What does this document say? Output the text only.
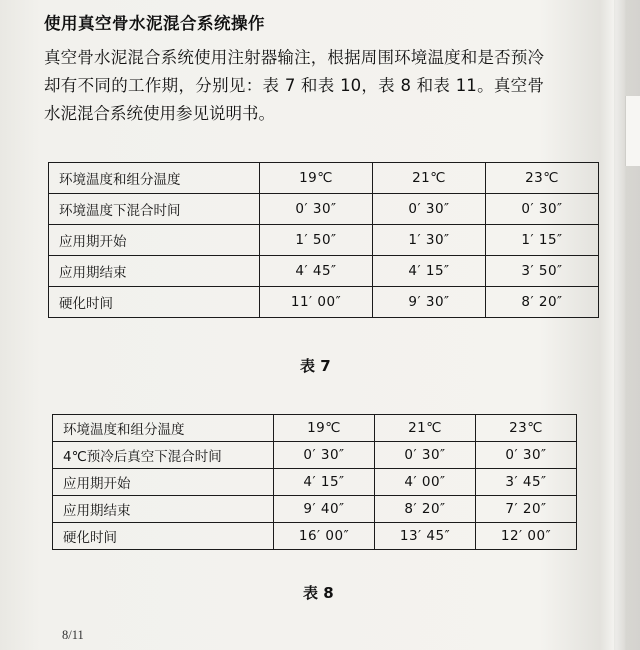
使用真空骨水泥混合系统操作
真空骨水泥混合系统使用注射器输注，根据周围环境温度和是否预冷却有不同的工作期，分别见：表 7 和表 10，表 8 和表 11。真空骨水泥混合系统使用参见说明书。
环境温度和组分温度	19℃	21℃	23℃
环境温度下混合时间	0′ 30″	0′ 30″	0′ 30″
应用期开始	1′ 50″	1′ 30″	1′ 15″
应用期结束	4′ 45″	4′ 15″	3′ 50″
硬化时间	11′ 00″	9′ 30″	8′ 20″
表 7
环境温度和组分温度	19℃	21℃	23℃
4℃预冷后真空下混合时间	0′ 30″	0′ 30″	0′ 30″
应用期开始	4′ 15″	4′ 00″	3′ 45″
应用期结束	9′ 40″	8′ 20″	7′ 20″
硬化时间	16′ 00″	13′ 45″	12′ 00″
表 8
8/11
